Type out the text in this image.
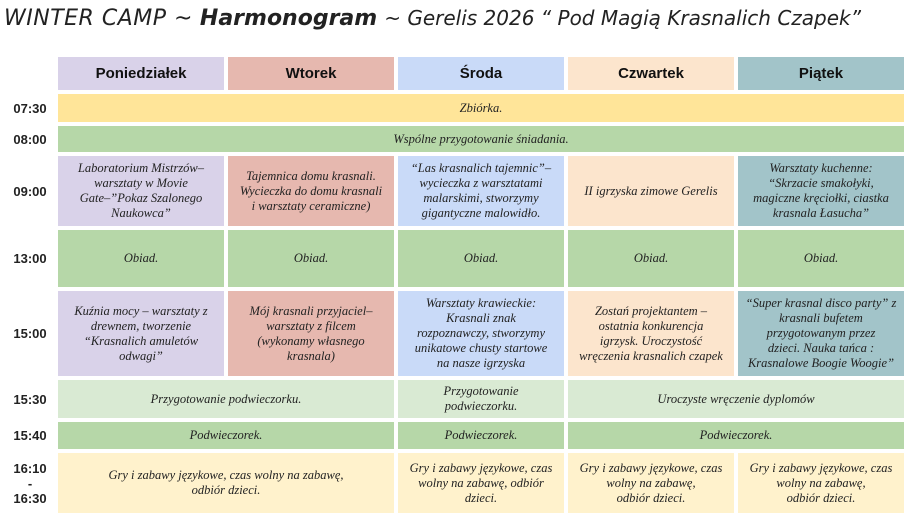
WINTER CAMP ~ Harmonogram ~ Gerelis 2026 “ Pod Magią Krasnalich Czapek”
	Poniedziałek	Wtorek	Środa	Czwartek	Piątek
07:30	Zbiórka.				
08:00	Wspólne przygotowanie śniadania.				
09:00	Laboratorium Mistrzów–
warsztaty w Movie
Gate–”Pokaz Szalonego
Naukowca”	Tajemnica domu krasnali.
Wycieczka do domu krasnali
i warsztaty ceramiczne)	“Las krasnalich tajemnic”–
wycieczka z warsztatami
malarskimi, stworzymy
gigantyczne malowidło.	II igrzyska zimowe Gerelis	Warsztaty kuchenne:
“Skrzacie smakołyki,
magiczne kręciołki, ciastka
krasnala Łasucha”

13:00	Obiad.	Obiad.	Obiad.	Obiad.	Obiad.
15:00	Kuźnia mocy – warsztaty z
drewnem, tworzenie
“Krasnalich amuletów
odwagi”	Mój krasnali przyjaciel–
warsztaty z filcem
(wykonamy własnego
krasnala)	Warsztaty krawieckie:
Krasnali znak
rozpoznawczy, stworzymy
unikatowe chusty startowe
na nasze igrzyska	Zostań projektantem –
ostatnia konkurencja
igrzysk. Uroczystość
wręczenia krasnalich czapek	“Super krasnal disco party” z
krasnali bufetem
przygotowanym przez
dzieci. Nauka tańca :
Krasnalowe Boogie Woogie”

15:30	Przygotowanie podwieczorku.		Przygotowanie
podwieczorku.	Uroczyste wręczenie dyplomów	
15:40	Podwieczorek.		Podwieczorek.	Podwieczorek.	

16:10
-
16:30	Gry i zabawy językowe, czas wolny na zabawę,
odbiór dzieci.		Gry i zabawy językowe, czas
wolny na zabawę, odbiór
dzieci.	Gry i zabawy językowe, czas
wolny na zabawę,
odbiór dzieci.	Gry i zabawy językowe, czas
wolny na zabawę,
odbiór dzieci.
